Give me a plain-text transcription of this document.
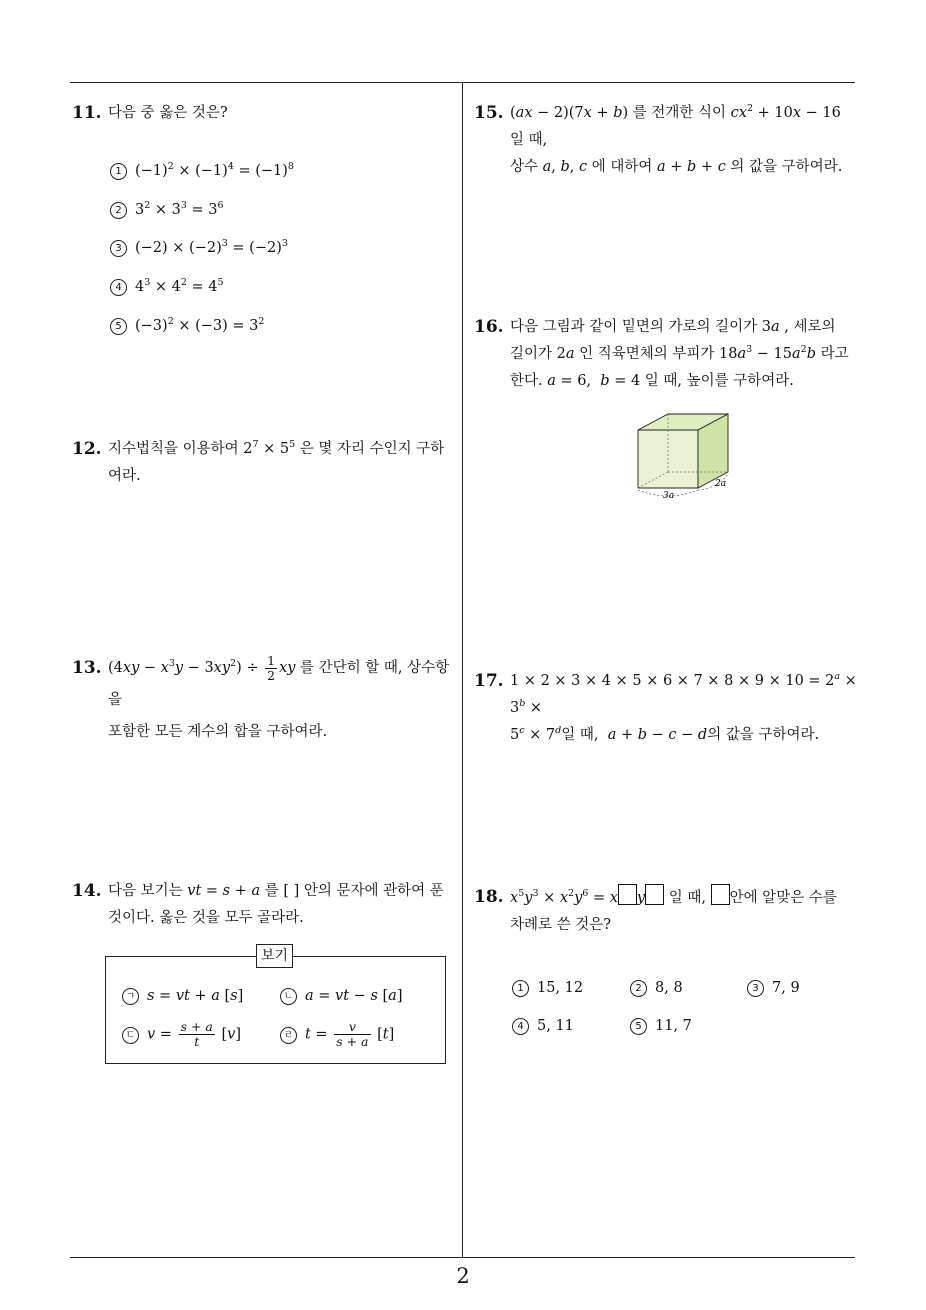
2
11. 다음 중 옳은 것은?
1 $(-1)^2 \times (-1)^4 = (-1)^8$
2 $3^2 \times 3^3 = 3^6$
3 $(-2) \times (-2)^3 = (-2)^3$
4 $4^3 \times 4^2 = 4^5$
5 $(-3)^2 \times (-3) = 3^2$
12. 지수법칙을 이용하여 $2^7 \times 5^5$ 은 몇 자리 수인지 구하
여라.
13. $(4xy - x^3y - 3xy^2) \div \frac{1}{2}$ xy 를 간단히 할 때, 상수항을
포함한 모든 계수의 합을 구하여라.
14. 다음 보기는 vt = s + a 를 [ ] 안의 문자에 관하여 푼
것이다. 옳은 것을 모두 골라라.
보기
ㄱ s = vt + a [s]	ㄴ a = vt − s [a]
ㄷ $v = \frac{s + a}{t} [v]$	ㄹ $t = \frac{v}{s + a} [t]$
15. (ax − 2)(7x + b) 를 전개한 식이 $cx^2 + 10x - 16$ 일 때,
상수 a, b, c 에 대하여 a + b + c 의 값을 구하여라.
16. 다음 그림과 같이 밑면의 가로의 길이가 3a , 세로의
길이가 2a 인 직육면체의 부피가 $18a^3 - 15a^2b$ 라고
한다. a = 6,  b = 4 일 때, 높이를 구하여라.
3a
2a
17. $1 \times 2 \times 3 \times 4 \times 5 \times 6 \times 7 \times 8 \times 9 \times 10 = 2^a \times 3^b$ ×
$5^c \times 7^d$일 때,  a + b − c − d의 값을 구하여라.
18. $x^5y^3 \times x^2y^6 = x$ y 일 때, 안에 알맞은 수를
차례로 쓴 것은?
1 15, 12	2 8, 8	3 7, 9
4 5, 11	5 11, 7
